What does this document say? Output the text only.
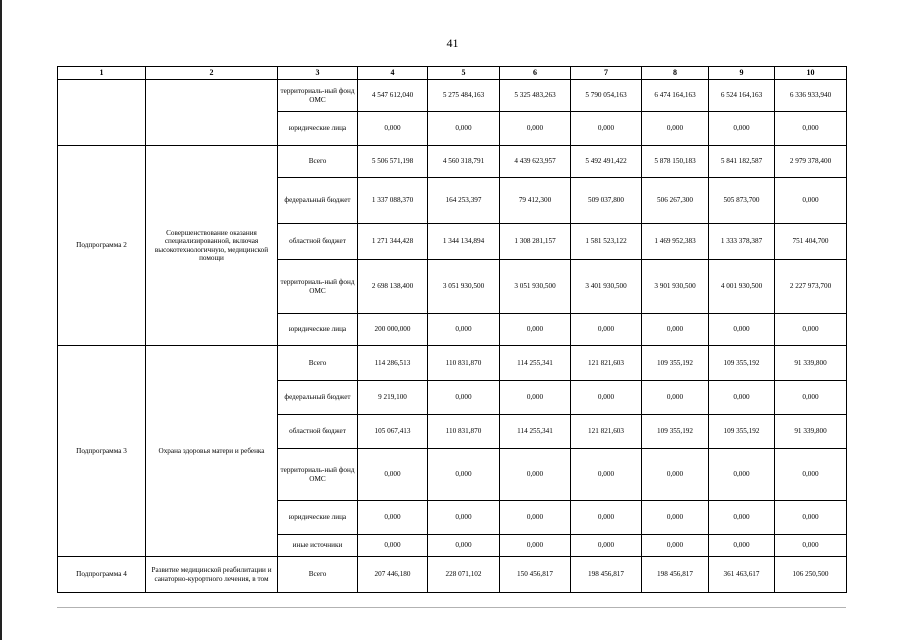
41
1	2	3	4	5	6	7	8	9	10
		территориаль-ный фонд ОМС	4 547 612,040	5 275 484,163	5 325 483,263	5 790 054,163	6 474 164,163	6 524 164,163	6 336 933,940
		юридические лица	0,000	0,000	0,000	0,000	0,000	0,000	0,000
Подпрограмма 2	Совершенствование оказания специализированной, включая высокотехнологичную, медицинской помощи	Всего	5 506 571,198	4 560 318,791	4 439 623,957	5 492 491,422	5 878 150,183	5 841 182,587	2 979 378,400
		федеральный бюджет	1 337 088,370	164 253,397	79 412,300	509 037,800	506 267,300	505 873,700	0,000
		областной бюджет	1 271 344,428	1 344 134,894	1 308 281,157	1 581 523,122	1 469 952,383	1 333 378,387	751 404,700
		территориаль-ный фонд ОМС	2 698 138,400	3 051 930,500	3 051 930,500	3 401 930,500	3 901 930,500	4 001 930,500	2 227 973,700
		юридические лица	200 000,000	0,000	0,000	0,000	0,000	0,000	0,000
Подпрограмма 3	Охрана здоровья матери и ребенка	Всего	114 286,513	110 831,870	114 255,341	121 821,603	109 355,192	109 355,192	91 339,800
		федеральный бюджет	9 219,100	0,000	0,000	0,000	0,000	0,000	0,000
		областной бюджет	105 067,413	110 831,870	114 255,341	121 821,603	109 355,192	109 355,192	91 339,800
		территориаль-ный фонд ОМС	0,000	0,000	0,000	0,000	0,000	0,000	0,000
		юридические лица	0,000	0,000	0,000	0,000	0,000	0,000	0,000
		иные источники	0,000	0,000	0,000	0,000	0,000	0,000	0,000
Подпрограмма 4	Развитие медицинской реабилитации и санаторно-курортного лечения, в том	Всего	207 446,180	228 071,102	150 456,817	198 456,817	198 456,817	361 463,617	106 250,500
